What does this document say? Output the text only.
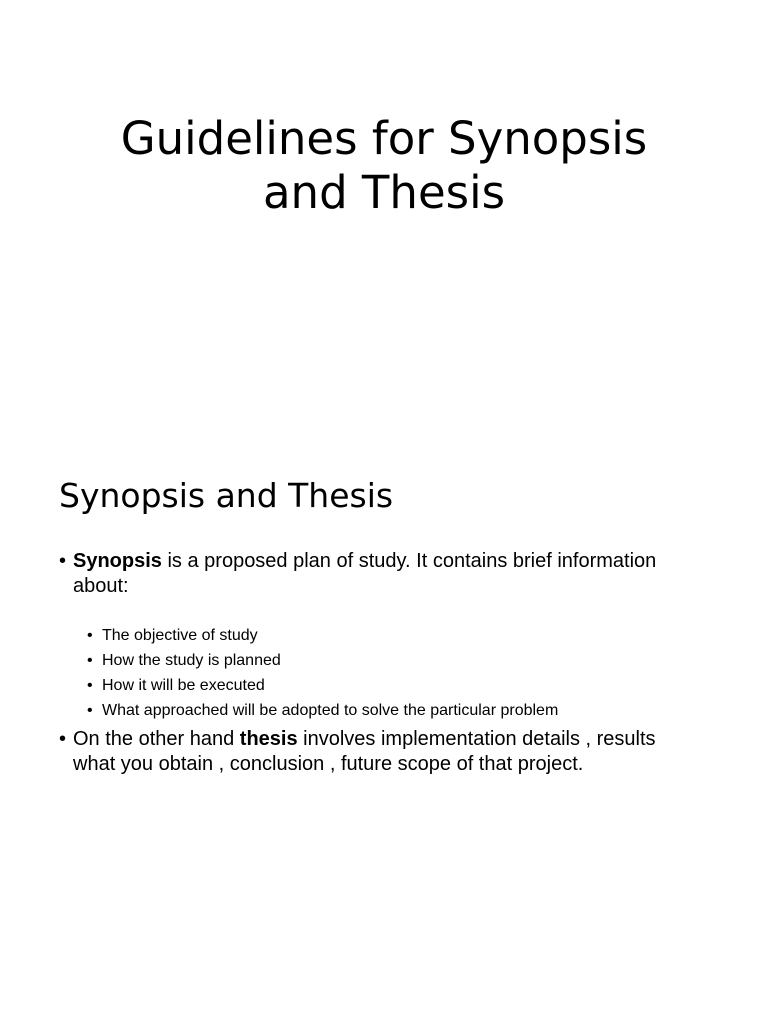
Guidelines for Synopsis
and Thesis
Synopsis and Thesis
• Synopsis is a proposed plan of study. It contains brief information about:
• The objective of study
• How the study is planned
• How it will be executed
• What approached will be adopted to solve the particular problem
• On the other hand thesis involves implementation details , results what you obtain , conclusion , future scope of that project.
